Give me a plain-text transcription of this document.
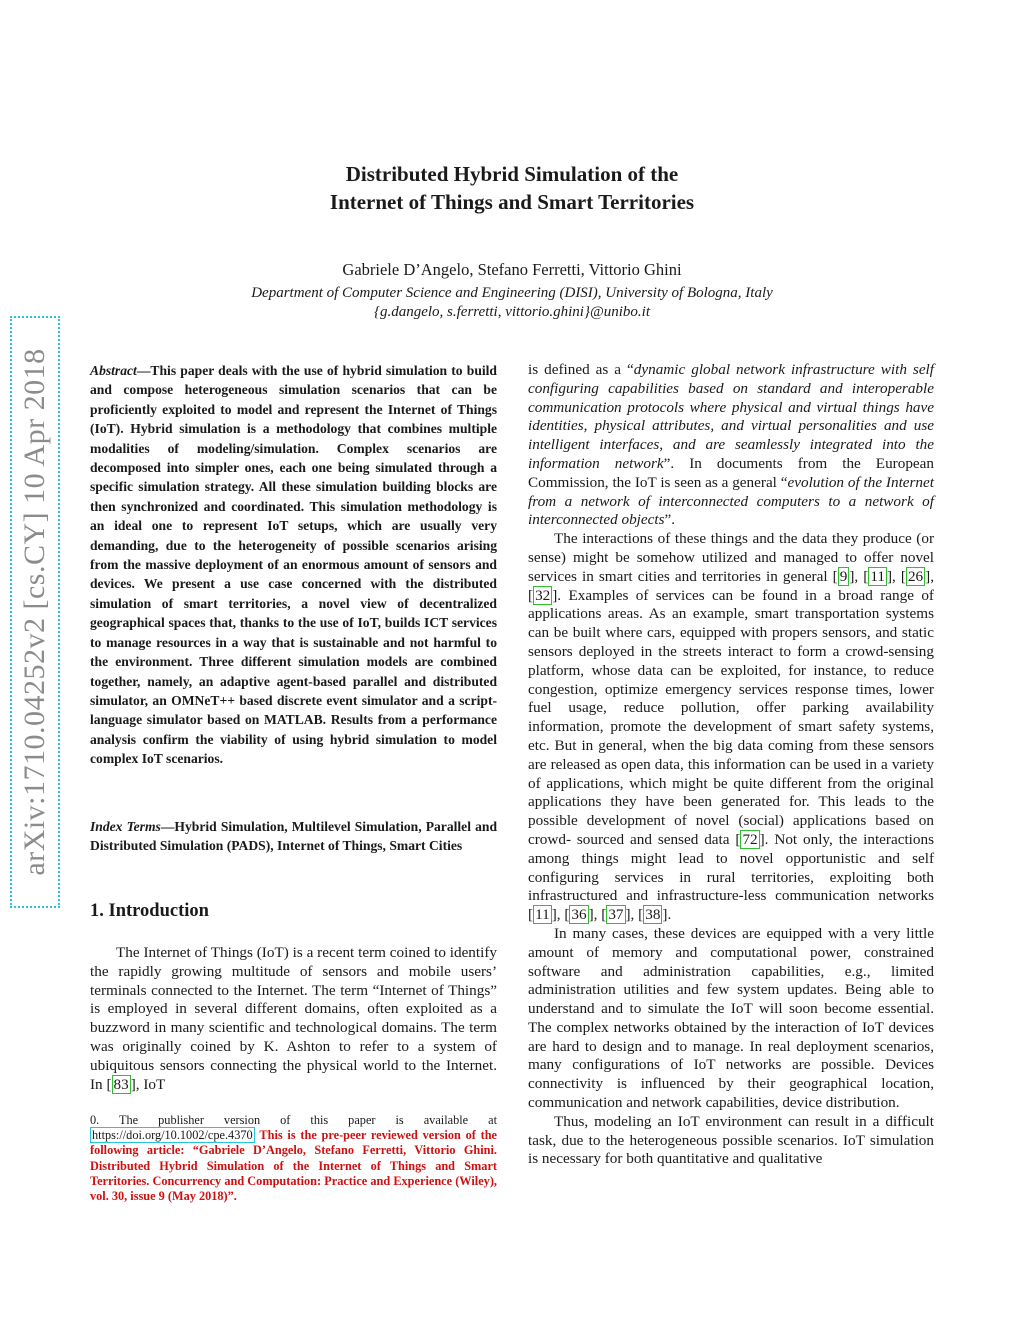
arXiv:1710.04252v2 [cs.CY] 10 Apr 2018
Distributed Hybrid Simulation of the
Internet of Things and Smart Territories
Gabriele D’Angelo, Stefano Ferretti, Vittorio Ghini
Department of Computer Science and Engineering (DISI), University of Bologna, Italy
{g.dangelo, s.ferretti, vittorio.ghini}@unibo.it
Abstract—This paper deals with the use of hybrid simulation to build and compose heterogeneous simulation scenarios that can be proficiently exploited to model and represent the Internet of Things (IoT). Hybrid simulation is a methodology that combines multiple modalities of modeling/simulation. Complex scenarios are decomposed into simpler ones, each one being simulated through a specific simulation strategy. All these simulation building blocks are then synchronized and coordinated. This simulation methodology is an ideal one to represent IoT setups, which are usually very demanding, due to the heterogeneity of possible scenarios arising from the massive deployment of an enormous amount of sensors and devices. We present a use case concerned with the distributed simulation of smart territories, a novel view of decentralized geographical spaces that, thanks to the use of IoT, builds ICT services to manage resources in a way that is sustainable and not harmful to the environment. Three different simulation models are combined together, namely, an adaptive agent-based parallel and distributed simulator, an OMNeT++ based discrete event simulator and a script-language simulator based on MATLAB. Results from a performance analysis confirm the viability of using hybrid simulation to model complex IoT scenarios.
Index Terms—Hybrid Simulation, Multilevel Simulation, Parallel and Distributed Simulation (PADS), Internet of Things, Smart Cities
1. Introduction
The Internet of Things (IoT) is a recent term coined to identify the rapidly growing multitude of sensors and mobile users’ terminals connected to the Internet. The term “Internet of Things” is employed in several different domains, often exploited as a buzzword in many scientific and technological domains. The term was originally coined by K. Ashton to refer to a system of ubiquitous sensors connecting the physical world to the Internet. In [ 83 ], IoT
0. The publisher version of this paper is available at https://doi.org/10.1002/cpe.4370 This is the pre-peer reviewed version of the following article: “Gabriele D’Angelo, Stefano Ferretti, Vittorio Ghini. Distributed Hybrid Simulation of the Internet of Things and Smart Territories. Concurrency and Computation: Practice and Experience (Wiley), vol. 30, issue 9 (May 2018)”.

is defined as a “dynamic global network infrastructure with self configuring capabilities based on standard and interoperable communication protocols where physical and virtual things have identities, physical attributes, and virtual personalities and use intelligent interfaces, and are seamlessly integrated into the information network”. In documents from the European Commission, the IoT is seen as a general “evolution of the Internet from a network of interconnected computers to a network of interconnected objects”.

The interactions of these things and the data they produce (or sense) might be somehow utilized and managed to offer novel services in smart cities and territories in general [ 9 ], [ 11 ], [ 26 ], [ 32 ]. Examples of services can be found in a broad range of applications areas. As an example, smart transportation systems can be built where cars, equipped with propers sensors, and static sensors deployed in the streets interact to form a crowd-sensing platform, whose data can be exploited, for instance, to reduce congestion, optimize emergency services response times, lower fuel usage, reduce pollution, offer parking availability information, promote the development of smart safety systems, etc. But in general, when the big data coming from these sensors are released as open data, this information can be used in a variety of applications, which might be quite different from the original applications they have been generated for. This leads to the possible development of novel (social) applications based on crowd- sourced and sensed data [ 72 ]. Not only, the interactions among things might lead to novel opportunistic and self configuring services in rural territories, exploiting both infrastructured and infrastructure-less communication networks [ 11 ], [ 36 ], [ 37 ], [ 38 ].

In many cases, these devices are equipped with a very little amount of memory and computational power, constrained software and administration capabilities, e.g., limited administration utilities and few system updates. Being able to understand and to simulate the IoT will soon become essential. The complex networks obtained by the interaction of IoT devices are hard to design and to manage. In real deployment scenarios, many configurations of IoT networks are possible. Devices connectivity is influenced by their geographical location, communication and network capabilities, device distribution.

Thus, modeling an IoT environment can result in a difficult task, due to the heterogeneous possible scenarios. IoT simulation is necessary for both quantitative and qualitative
